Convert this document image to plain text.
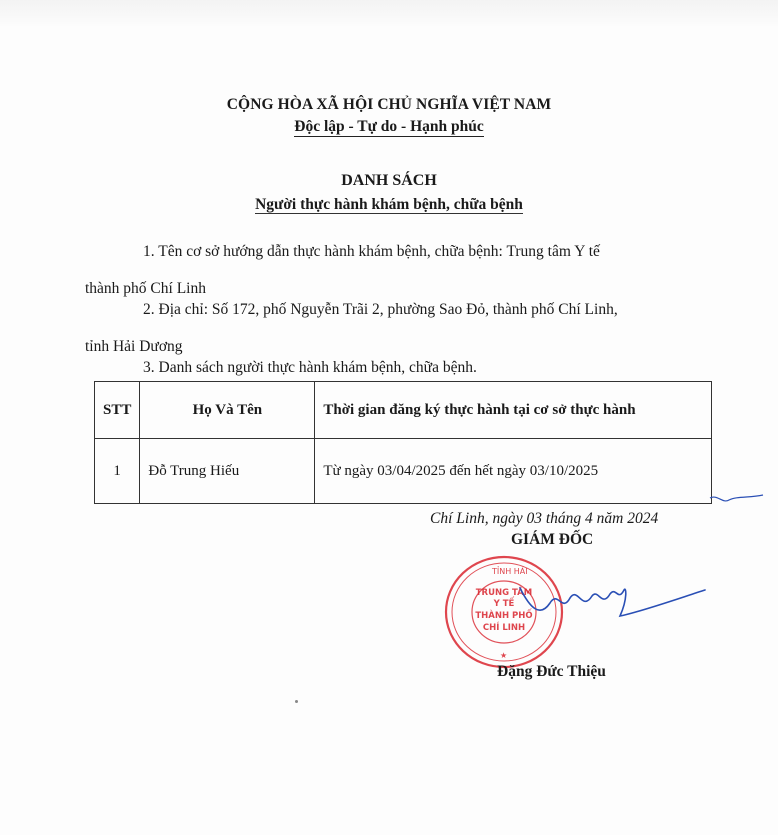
CỘNG HÒA XÃ HỘI CHỦ NGHĨA VIỆT NAM
Độc lập - Tự do - Hạnh phúc
DANH SÁCH
Người thực hành khám bệnh, chữa bệnh
1. Tên cơ sở hướng dẫn thực hành khám bệnh, chữa bệnh: Trung tâm Y tế
thành phố Chí Linh
2. Địa chỉ: Số 172, phố Nguyễn Trãi 2, phường Sao Đỏ, thành phố Chí Linh,
tỉnh Hải Dương
3. Danh sách người thực hành khám bệnh, chữa bệnh.
STT	Họ Và Tên	Thời gian đăng ký thực hành tại cơ sở thực hành
1	Đỗ Trung Hiếu	Từ ngày 03/04/2025 đến hết ngày 03/10/2025
Chí Linh, ngày 03 tháng 4 năm 2024
GIÁM ĐỐC
TỈNH HẢI
TRUNG TÂM
Y TẾ
THÀNH PHỐ
CHÍ LINH
★
Đặng Đức Thiệu
